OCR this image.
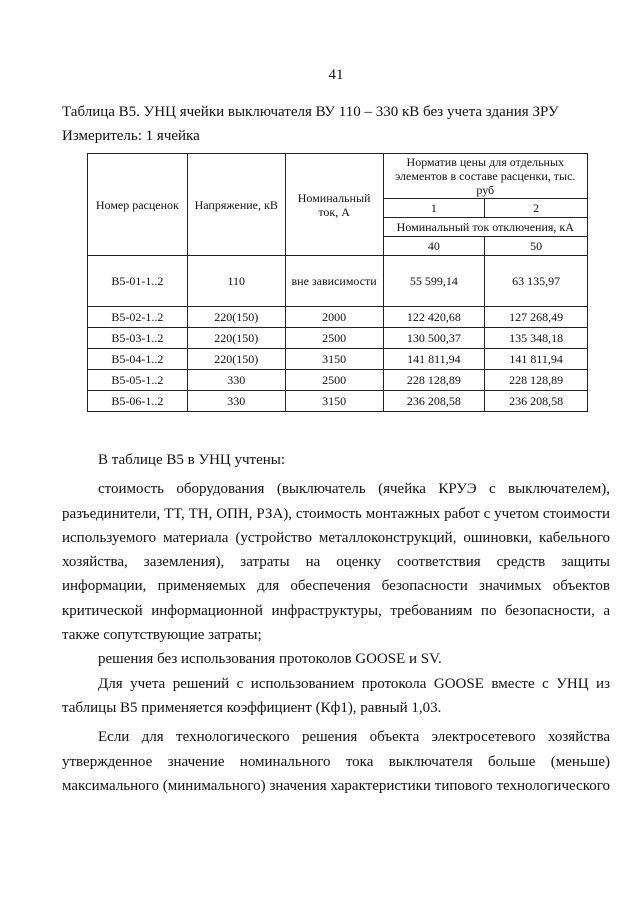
41
Таблица В5. УНЦ ячейки выключателя ВУ 110 – 330 кВ без учета здания ЗРУ
Измеритель: 1 ячейка
Номер расценок	Напряжение, кВ	Номинальный ток, А	Норматив цены для отдельных элементов в составе расценки, тыс. руб	
			1	2
			Номинальный ток отключения, кА	
			40	50
В5-01-1..2	110	вне зависимости	55 599,14	63 135,97
В5-02-1..2	220(150)	2000	122 420,68	127 268,49
В5-03-1..2	220(150)	2500	130 500,37	135 348,18
В5-04-1..2	220(150)	3150	141 811,94	141 811,94
В5-05-1..2	330	2500	228 128,89	228 128,89
В5-06-1..2	330	3150	236 208,58	236 208,58

В таблице В5 в УНЦ учтены:

стоимость оборудования (выключатель (ячейка КРУЭ с выключателем), разъединители, ТТ, ТН, ОПН, РЗА), стоимость монтажных работ с учетом стоимости используемого материала (устройство металлоконструкций, ошиновки, кабельного хозяйства, заземления), затраты на оценку соответствия средств защиты информации, применяемых для обеспечения безопасности значимых объектов критической информационной инфраструктуры, требованиям по безопасности, а также сопутствующие затраты;

решения без использования протоколов GOOSE и SV.

Для учета решений с использованием протокола GOOSE вместе с УНЦ из таблицы В5 применяется коэффициент (Кф1), равный 1,03.

Если для технологического решения объекта электросетевого хозяйства утвержденное значение номинального тока выключателя больше (меньше) максимального (минимального) значения характеристики типового технологического
